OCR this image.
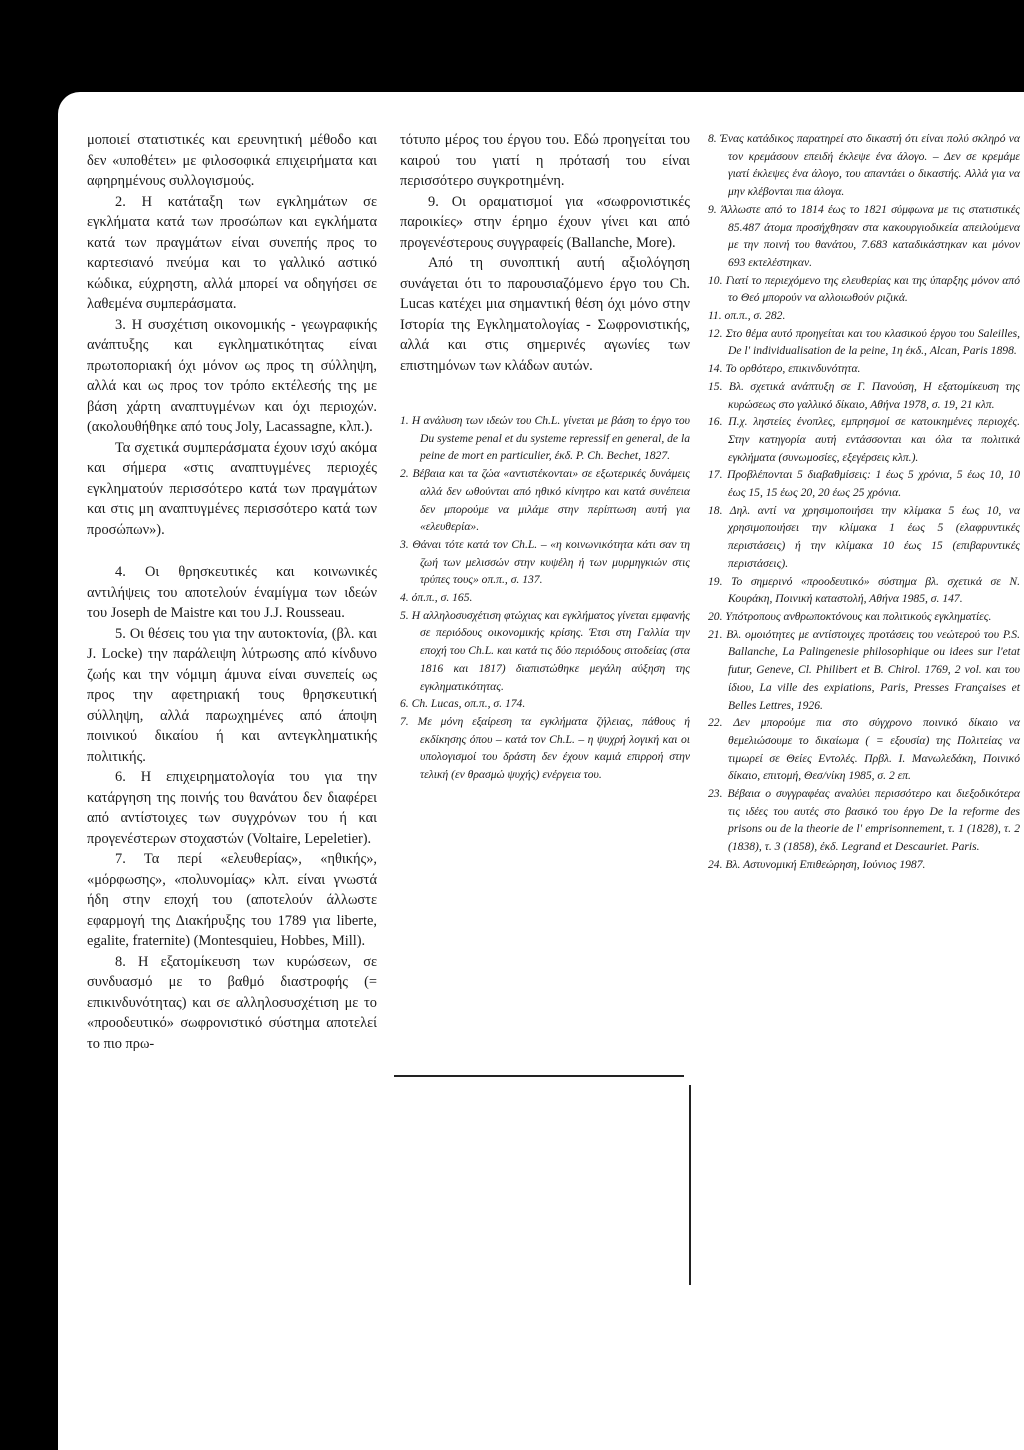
μοποιεί στατιστικές και ερευνητική μέθοδο και δεν «υποθέτει» με φιλοσοφικά επιχειρήματα και αφηρημένους συλλογισμούς.

2. Η κατάταξη των εγκλημάτων σε εγκλήματα κατά των προσώπων και εγκλήματα κατά των πραγμάτων είναι συνεπής προς το καρτεσιανό πνεύμα και το γαλλικό αστικό κώδικα, εύχρηστη, αλλά μπορεί να οδηγήσει σε λαθεμένα συμπεράσματα.

3. Η συσχέτιση οικονομικής - γεωγραφικής ανάπτυξης και εγκληματικότητας είναι πρωτοποριακή όχι μόνον ως προς τη σύλληψη, αλλά και ως προς τον τρόπο εκτέλεσής της με βάση χάρτη αναπτυγμένων και όχι περιοχών. (ακολουθήθηκε από τους Joly, Lacassagne, κλπ.).

Τα σχετικά συμπεράσματα έχουν ισχύ ακόμα και σήμερα «στις αναπτυγμένες περιοχές εγκληματούν περισσότερο κατά των πραγμάτων και στις μη αναπτυγμένες περισσότερο κατά των προσώπων»).

4. Οι θρησκευτικές και κοινωνικές αντιλήψεις του αποτελούν έναμίγμα των ιδεών του Joseph de Maistre και του J.J. Rousseau.

5. Οι θέσεις του για την αυτοκτονία, (βλ. και J. Locke) την παράλειψη λύτρωσης από κίνδυνο ζωής και την νόμιμη άμυνα είναι συνεπείς ως προς την αφετηριακή τους θρησκευτική σύλληψη, αλλά παρωχημένες από άποψη ποινικού δικαίου ή και αντεγκληματικής πολιτικής.

6. Η επιχειρηματολογία του για την κατάργηση της ποινής του θανάτου δεν διαφέρει από αντίστοιχες των συγχρόνων του ή και προγενέστερων στοχαστών (Voltaire, Lepeletier).

7. Τα περί «ελευθερίας», «ηθικής», «μόρφωσης», «πολυνομίας» κλπ. είναι γνωστά ήδη στην εποχή του (αποτελούν άλλωστε εφαρμογή της Διακήρυξης του 1789 για liberte, egalite, fraternite) (Montesquieu, Hobbes, Mill).

8. Η εξατομίκευση των κυρώσεων, σε συνδυασμό με το βαθμό διαστροφής (= επικινδυνότητας) και σε αλληλοσυσχέτιση με το «προοδευτικό» σωφρονιστικό σύστημα αποτελεί το πιο πρω-

τότυπο μέρος του έργου του. Εδώ προηγείται του καιρού του γιατί η πρότασή του είναι περισσότερο συγκροτημένη.

9. Οι οραματισμοί για «σωφρονιστικές παροικίες» στην έρημο έχουν γίνει και από προγενέστερους συγγραφείς (Ballanche, More).

Από τη συνοπτική αυτή αξιολόγηση συνάγεται ότι το παρουσιαζόμενο έργο του Ch. Lucas κατέχει μια σημαντική θέση όχι μόνο στην Ιστορία της Εγκληματολογίας - Σωφρονιστικής, αλλά και στις σημερινές αγωνίες των επιστημόνων των κλάδων αυτών.

1. Η ανάλυση των ιδεών του Ch.L. γίνεται με βάση το έργο του Du systeme penal et du systeme repressif en general, de la peine de mort en particulier, έκδ. P. Ch. Bechet, 1827.

2. Βέβαια και τα ζώα «αντιστέκονται» σε εξωτερικές δυνάμεις αλλά δεν ωθούνται από ηθικό κίνητρο και κατά συνέπεια δεν μπορούμε να μιλάμε στην περίπτωση αυτή για «ελευθερία».

3. Θάναι τότε κατά τον Ch.L. – «η κοινωνικότητα κάτι σαν τη ζωή των μελισσών στην κυψέλη ή των μυρμηγκιών στις τρύπες τους» οπ.π., σ. 137.

4. όπ.π., σ. 165.

5. Η αλληλοσυσχέτιση φτώχιας και εγκλήματος γίνεται εμφανής σε περιόδους οικονομικής κρίσης. Έτσι στη Γαλλία την εποχή του Ch.L. και κατά τις δύο περιόδους σιτοδείας (στα 1816 και 1817) διαπιστώθηκε μεγάλη αύξηση της εγκληματικότητας.

6. Ch. Lucas, οπ.π., σ. 174.

7. Με μόνη εξαίρεση τα εγκλήματα ζήλειας, πάθους ή εκδίκησης όπου – κατά τον Ch.L. – η ψυχρή λογική και οι υπολογισμοί του δράστη δεν έχουν καμιά επιρροή στην τελική (εν θρασμώ ψυχής) ενέργεια του.

8. Ένας κατάδικος παρατηρεί στο δικαστή ότι είναι πολύ σκληρό να τον κρεμάσουν επειδή έκλεψε ένα άλογο. – Δεν σε κρεμάμε γιατί έκλεψες ένα άλογο, του απαντάει ο δικαστής. Αλλά για να μην κλέβονται πια άλογα.

9. Άλλωστε από το 1814 έως το 1821 σύμφωνα με τις στατιστικές 85.487 άτομα προσήχθησαν στα κακουργιοδικεία απειλούμενα με την ποινή του θανάτου, 7.683 καταδικάστηκαν και μόνον 693 εκτελέστηκαν.

10. Γιατί το περιεχόμενο της ελευθερίας και της ύπαρξης μόνον από το Θεό μπορούν να αλλοιωθούν ριζικά.

11. οπ.π., σ. 282.

12. Στο θέμα αυτό προηγείται και του κλασικού έργου του Saleilles, De l' individualisation de la peine, 1η έκδ., Alcan, Paris 1898.

14. Το ορθότερο, επικινδυνότητα.

15. Βλ. σχετικά ανάπτυξη σε Γ. Πανούση, Η εξατομίκευση της κυρώσεως στο γαλλικό δίκαιο, Αθήνα 1978, σ. 19, 21 κλπ.

16. Π.χ. ληστείες ένοπλες, εμπρησμοί σε κατοικημένες περιοχές. Στην κατηγορία αυτή εντάσσονται και όλα τα πολιτικά εγκλήματα (συνωμοσίες, εξεγέρσεις κλπ.).

17. Προβλέπονται 5 διαβαθμίσεις: 1 έως 5 χρόνια, 5 έως 10, 10 έως 15, 15 έως 20, 20 έως 25 χρόνια.

18. Δηλ. αντί να χρησιμοποιήσει την κλίμακα 5 έως 10, να χρησιμοποιήσει την κλίμακα 1 έως 5 (ελαφρυντικές περιστάσεις) ή την κλίμακα 10 έως 15 (επιβαρυντικές περιστάσεις).

19. Το σημερινό «προοδευτικό» σύστημα βλ. σχετικά σε Ν. Κουράκη, Ποινική καταστολή, Αθήνα 1985, σ. 147.

20. Υπότροπους ανθρωποκτόνους και πολιτικούς εγκληματίες.

21. Βλ. ομοιότητες με αντίστοιχες προτάσεις του νεώτερού του P.S. Ballanche, La Palingenesie philosophique ou idees sur l'etat futur, Geneve, Cl. Philibert et B. Chirol. 1769, 2 vol. και του ίδιου, La ville des expiations, Paris, Presses Françaises et Belles Lettres, 1926.

22. Δεν μπορούμε πια στο σύγχρονο ποινικό δίκαιο να θεμελιώσουμε το δικαίωμα ( = εξουσία) της Πολιτείας να τιμωρεί σε Θείες Εντολές. Πρβλ. Ι. Μανωλεδάκη, Ποινικό δίκαιο, επιτομή, Θεσ/νίκη 1985, σ. 2 επ.

23. Βέβαια ο συγγραφέας αναλύει περισσότερο και διεξοδικότερα τις ιδέες του αυτές στο βασικό του έργο De la reforme des prisons ou de la theorie de l' emprisonnement, τ. 1 (1828), τ. 2 (1838), τ. 3 (1858), έκδ. Legrand et Descauriet. Paris.

24. Βλ. Αστυνομική Επιθεώρηση, Ιούνιος 1987.
